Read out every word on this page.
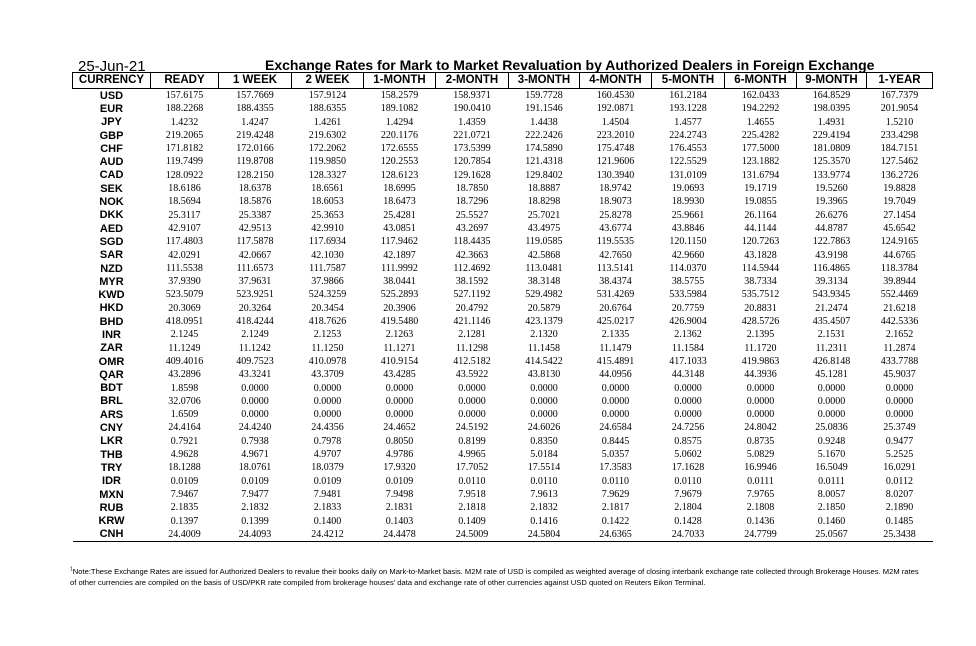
25-Jun-21	Exchange Rates for Mark to Market Revaluation by Authorized Dealers in Foreign Exchange
CURRENCY	READY	1 WEEK	2 WEEK	1-MONTH	2-MONTH	3-MONTH	4-MONTH	5-MONTH	6-MONTH	9-MONTH	1-YEAR
USD	157.6175	157.7669	157.9124	158.2579	158.9371	159.7728	160.4530	161.2184	162.0433	164.8529	167.7379
EUR	188.2268	188.4355	188.6355	189.1082	190.0410	191.1546	192.0871	193.1228	194.2292	198.0395	201.9054
JPY	1.4232	1.4247	1.4261	1.4294	1.4359	1.4438	1.4504	1.4577	1.4655	1.4931	1.5210
GBP	219.2065	219.4248	219.6302	220.1176	221.0721	222.2426	223.2010	224.2743	225.4282	229.4194	233.4298
CHF	171.8182	172.0166	172.2062	172.6555	173.5399	174.5890	175.4748	176.4553	177.5000	181.0809	184.7151
AUD	119.7499	119.8708	119.9850	120.2553	120.7854	121.4318	121.9606	122.5529	123.1882	125.3570	127.5462
CAD	128.0922	128.2150	128.3327	128.6123	129.1628	129.8402	130.3940	131.0109	131.6794	133.9774	136.2726
SEK	18.6186	18.6378	18.6561	18.6995	18.7850	18.8887	18.9742	19.0693	19.1719	19.5260	19.8828
NOK	18.5694	18.5876	18.6053	18.6473	18.7296	18.8298	18.9073	18.9930	19.0855	19.3965	19.7049
DKK	25.3117	25.3387	25.3653	25.4281	25.5527	25.7021	25.8278	25.9661	26.1164	26.6276	27.1454
AED	42.9107	42.9513	42.9910	43.0851	43.2697	43.4975	43.6774	43.8846	44.1144	44.8787	45.6542
SGD	117.4803	117.5878	117.6934	117.9462	118.4435	119.0585	119.5535	120.1150	120.7263	122.7863	124.9165
SAR	42.0291	42.0667	42.1030	42.1897	42.3663	42.5868	42.7650	42.9660	43.1828	43.9198	44.6765
NZD	111.5538	111.6573	111.7587	111.9992	112.4692	113.0481	113.5141	114.0370	114.5944	116.4865	118.3784
MYR	37.9390	37.9631	37.9866	38.0441	38.1592	38.3148	38.4374	38.5755	38.7334	39.3134	39.8944
KWD	523.5079	523.9251	524.3259	525.2893	527.1192	529.4982	531.4269	533.5984	535.7512	543.9345	552.4469
HKD	20.3069	20.3264	20.3454	20.3906	20.4792	20.5879	20.6764	20.7759	20.8831	21.2474	21.6218
BHD	418.0951	418.4244	418.7626	419.5480	421.1146	423.1379	425.0217	426.9004	428.5726	435.4507	442.5336
INR	2.1245	2.1249	2.1253	2.1263	2.1281	2.1320	2.1335	2.1362	2.1395	2.1531	2.1652
ZAR	11.1249	11.1242	11.1250	11.1271	11.1298	11.1458	11.1479	11.1584	11.1720	11.2311	11.2874
OMR	409.4016	409.7523	410.0978	410.9154	412.5182	414.5422	415.4891	417.1033	419.9863	426.8148	433.7788
QAR	43.2896	43.3241	43.3709	43.4285	43.5922	43.8130	44.0956	44.3148	44.3936	45.1281	45.9037
BDT	1.8598	0.0000	0.0000	0.0000	0.0000	0.0000	0.0000	0.0000	0.0000	0.0000	0.0000
BRL	32.0706	0.0000	0.0000	0.0000	0.0000	0.0000	0.0000	0.0000	0.0000	0.0000	0.0000
ARS	1.6509	0.0000	0.0000	0.0000	0.0000	0.0000	0.0000	0.0000	0.0000	0.0000	0.0000
CNY	24.4164	24.4240	24.4356	24.4652	24.5192	24.6026	24.6584	24.7256	24.8042	25.0836	25.3749
LKR	0.7921	0.7938	0.7978	0.8050	0.8199	0.8350	0.8445	0.8575	0.8735	0.9248	0.9477
THB	4.9628	4.9671	4.9707	4.9786	4.9965	5.0184	5.0357	5.0602	5.0829	5.1670	5.2525
TRY	18.1288	18.0761	18.0379	17.9320	17.7052	17.5514	17.3583	17.1628	16.9946	16.5049	16.0291
IDR	0.0109	0.0109	0.0109	0.0109	0.0110	0.0110	0.0110	0.0110	0.0111	0.0111	0.0112
MXN	7.9467	7.9477	7.9481	7.9498	7.9518	7.9613	7.9629	7.9679	7.9765	8.0057	8.0207
RUB	2.1835	2.1832	2.1833	2.1831	2.1818	2.1832	2.1817	2.1804	2.1808	2.1850	2.1890
KRW	0.1397	0.1399	0.1400	0.1403	0.1409	0.1416	0.1422	0.1428	0.1436	0.1460	0.1485
CNH	24.4009	24.4093	24.4212	24.4478	24.5009	24.5804	24.6365	24.7033	24.7799	25.0567	25.3438
$^1$Note:These Exchange Rates are issued for Authorized Dealers to revalue their books daily on Mark-to-Market basis. M2M rate of USD is compiled as weighted average of closing interbank exchange rate collected through Brokerage Houses. M2M rates of other currencies are compiled on the basis of USD/PKR rate compiled from brokerage houses' data and exchange rate of other currencies against USD quoted on Reuters Eikon Terminal.
